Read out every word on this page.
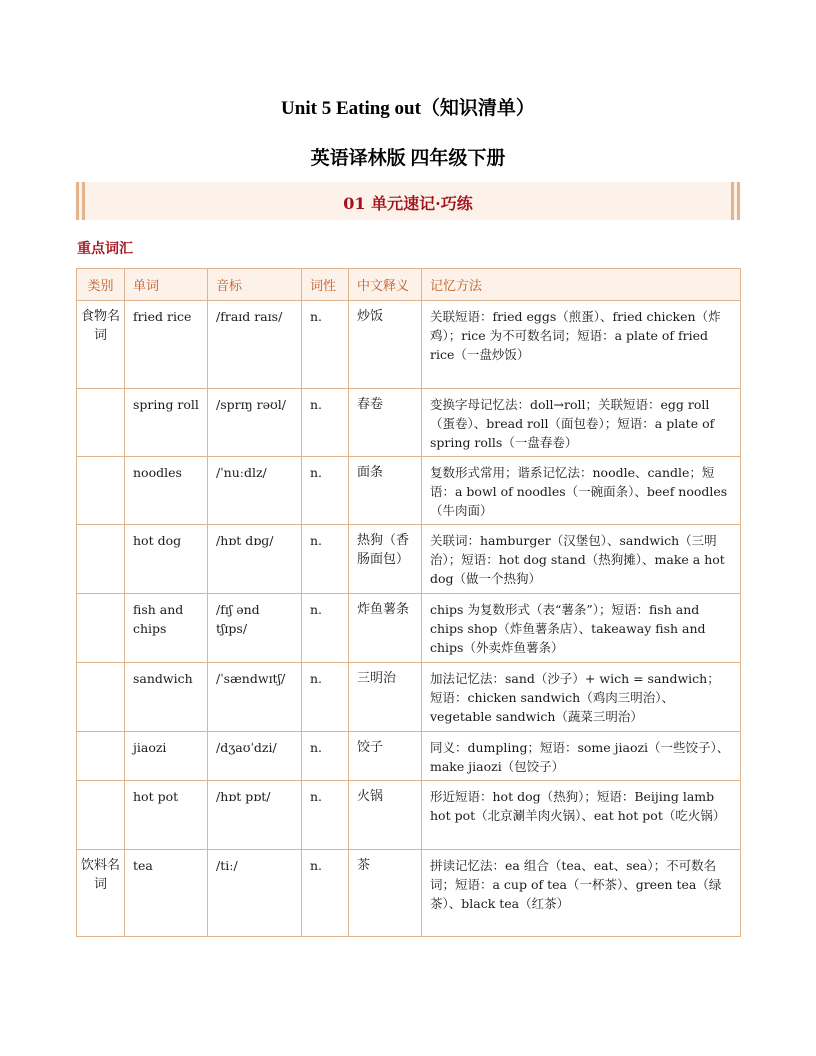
Unit 5 Eating out（知识清单）
英语译林版 四年级下册
01 单元速记·巧练
重点词汇
类别	单词	音标	词性	中文释义	记忆方法
食物名词	fried rice	/fraɪd raɪs/	n.	炒饭	关联短语：fried eggs（煎蛋）、fried chicken（炸鸡）；rice 为不可数名词；短语：a plate of fried rice（一盘炒饭）
	spring roll	/sprɪŋ rəʊl/	n.	春卷	变换字母记忆法：doll→roll；关联短语：egg roll（蛋卷）、bread roll（面包卷）；短语：a plate of spring rolls（一盘春卷）
	noodles	/ˈnuːdlz/	n.	面条	复数形式常用；谐系记忆法：noodle、candle；短语：a bowl of noodles（一碗面条）、beef noodles（牛肉面）
	hot dog	/hɒt dɒɡ/	n.	热狗（香肠面包）	关联词：hamburger（汉堡包）、sandwich（三明治）；短语：hot dog stand（热狗摊）、make a hot dog（做一个热狗）
	fish and chips	/fɪʃ ənd tʃɪps/	n.	炸鱼薯条	chips 为复数形式（表“薯条”）；短语：fish and chips shop（炸鱼薯条店）、takeaway fish and chips（外卖炸鱼薯条）
	sandwich	/ˈsændwɪtʃ/	n.	三明治	加法记忆法：sand（沙子）+ wich = sandwich；短语：chicken sandwich（鸡肉三明治）、vegetable sandwich（蔬菜三明治）
	jiaozi	/dʒaʊˈdzi/	n.	饺子	同义：dumpling；短语：some jiaozi（一些饺子）、make jiaozi（包饺子）
	hot pot	/hɒt pɒt/	n.	火锅	形近短语：hot dog（热狗）；短语：Beijing lamb hot pot（北京涮羊肉火锅）、eat hot pot（吃火锅）
饮料名词	tea	/tiː/	n.	茶	拼读记忆法：ea 组合（tea、eat、sea）；不可数名词；短语：a cup of tea（一杯茶）、green tea（绿茶）、black tea（红茶）
